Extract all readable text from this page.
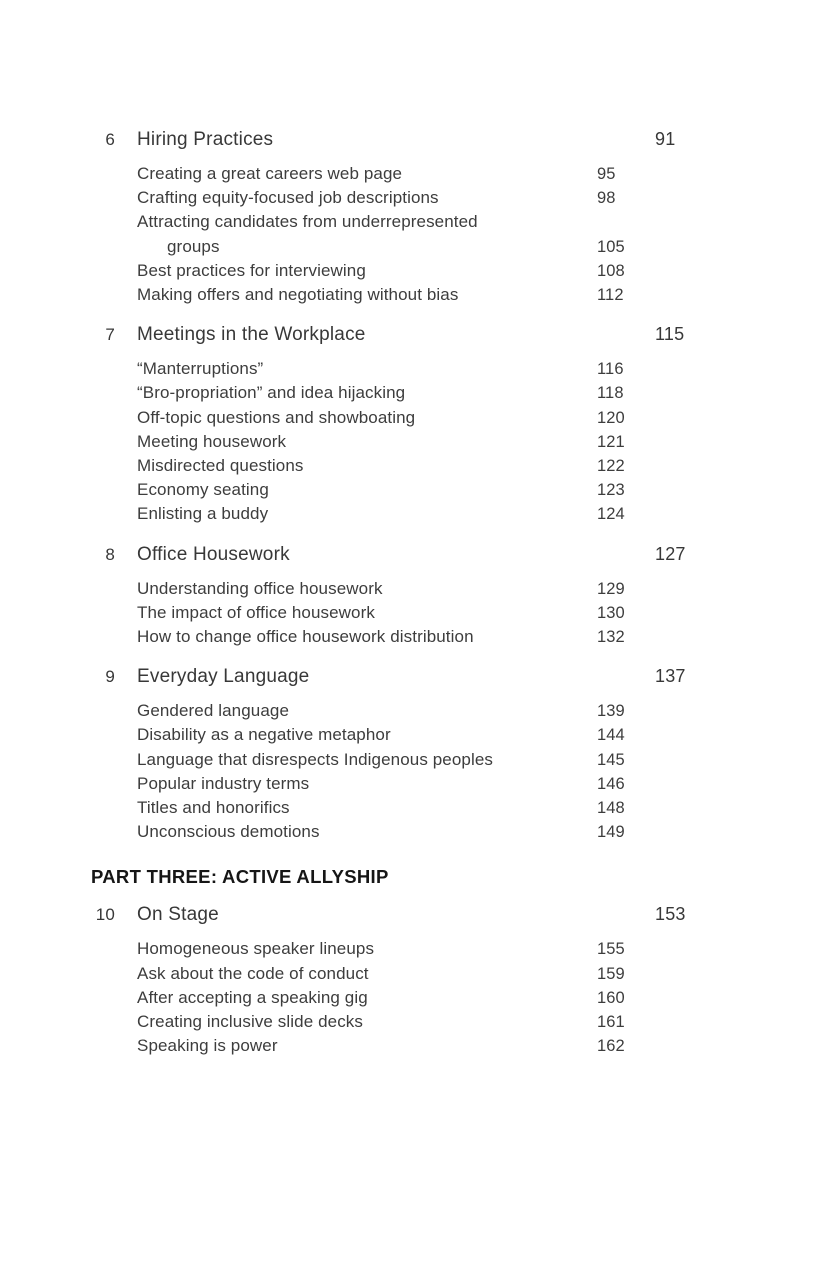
6	Hiring Practices	91
Creating a great careers web page	95
Crafting equity-focused job descriptions	98
Attracting candidates from underrepresented
groups	105
Best practices for interviewing	108
Making offers and negotiating without bias	112
7	Meetings in the Workplace	115
“Manterruptions”	116
“Bro-propriation” and idea hijacking	118
Off-topic questions and showboating	120
Meeting housework	121
Misdirected questions	122
Economy seating	123
Enlisting a buddy	124
8	Office Housework	127
Understanding office housework	129
The impact of office housework	130
How to change office housework distribution	132
9	Everyday Language	137
Gendered language	139
Disability as a negative metaphor	144
Language that disrespects Indigenous peoples	145
Popular industry terms	146
Titles and honorifics	148
Unconscious demotions	149
PART THREE: ACTIVE ALLYSHIP
10	On Stage	153
Homogeneous speaker lineups	155
Ask about the code of conduct	159
After accepting a speaking gig	160
Creating inclusive slide decks	161
Speaking is power	162
